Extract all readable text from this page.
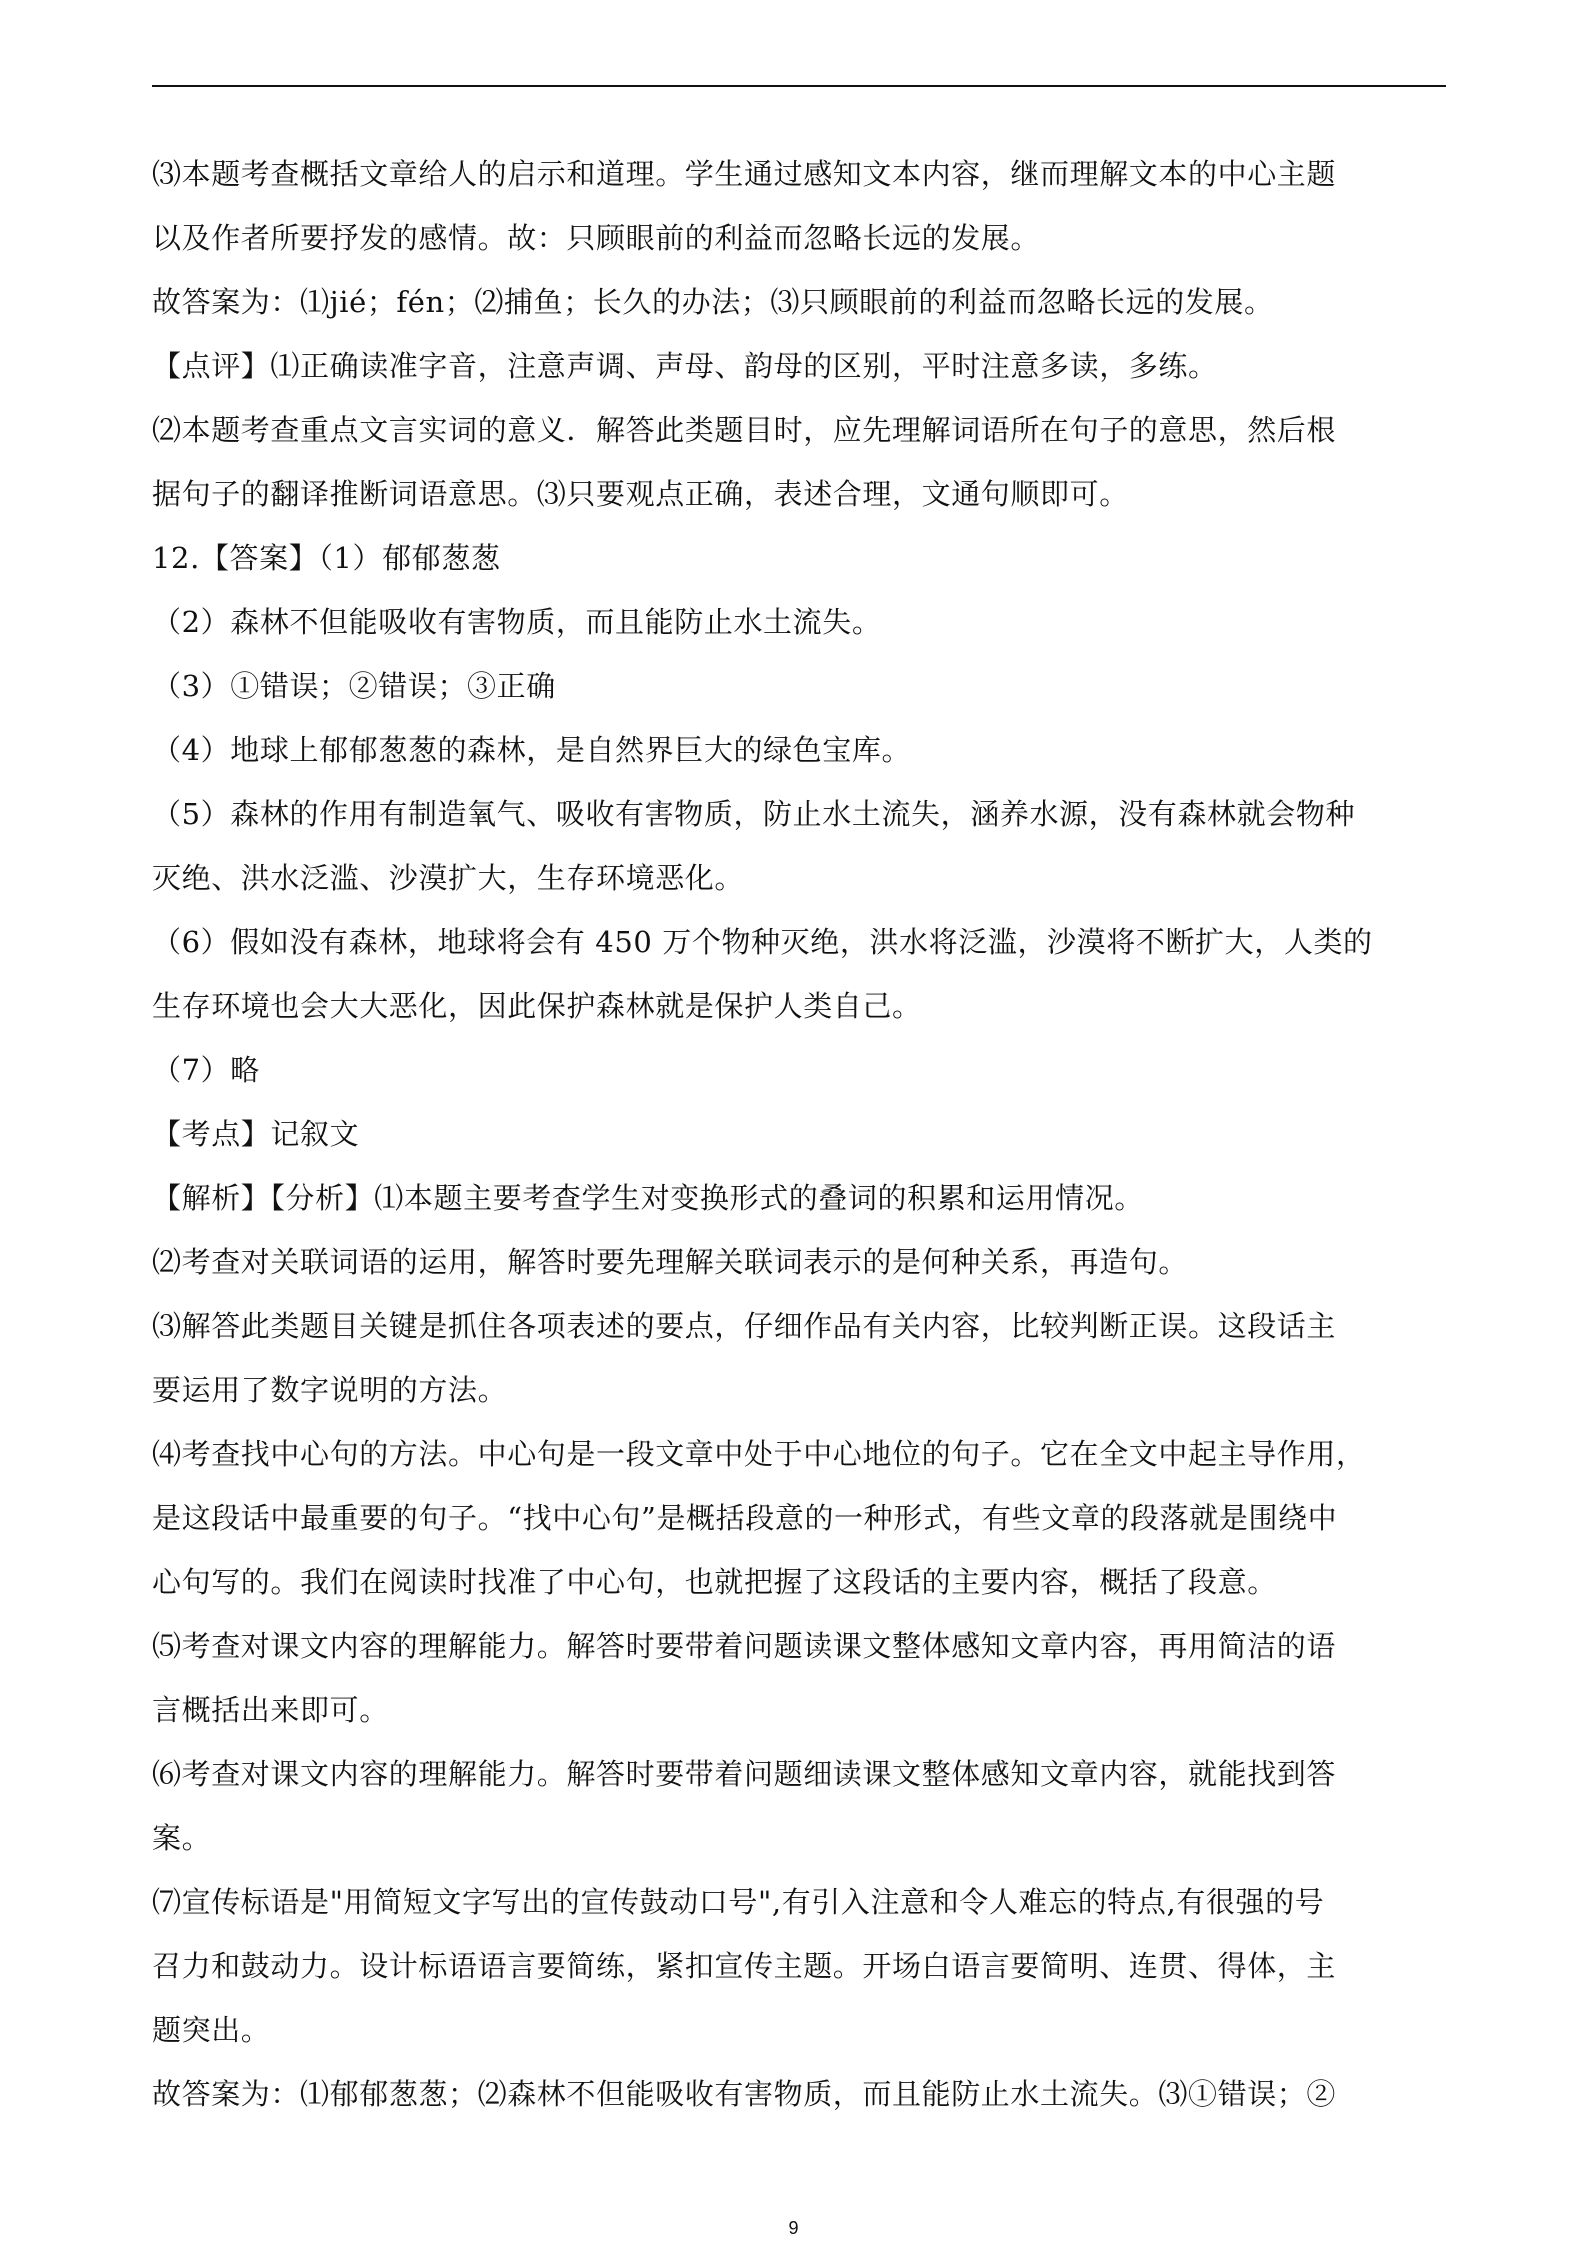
⑶本题考查概括文章给人的启示和道理。学生通过感知文本内容，继而理解文本的中心主题
以及作者所要抒发的感情。故：只顾眼前的利益而忽略长远的发展。
故答案为：⑴jié；fén；⑵捕鱼；长久的办法；⑶只顾眼前的利益而忽略长远的发展。
【点评】⑴正确读准字音，注意声调、声母、韵母的区别，平时注意多读，多练。
⑵本题考查重点文言实词的意义．解答此类题目时，应先理解词语所在句子的意思，然后根
据句子的翻译推断词语意思。⑶只要观点正确，表述合理，文通句顺即可。
12.【答案】（1）郁郁葱葱
（2）森林不但能吸收有害物质，而且能防止水土流失。
（3）①错误；②错误；③正确
（4）地球上郁郁葱葱的森林，是自然界巨大的绿色宝库。
（5）森林的作用有制造氧气、吸收有害物质，防止水土流失，涵养水源，没有森林就会物种
灭绝、洪水泛滥、沙漠扩大，生存环境恶化。
（6）假如没有森林，地球将会有 450 万个物种灭绝，洪水将泛滥，沙漠将不断扩大，人类的
生存环境也会大大恶化，因此保护森林就是保护人类自己。
（7）略
【考点】记叙文
【解析】【分析】⑴本题主要考查学生对变换形式的叠词的积累和运用情况。
⑵考查对关联词语的运用，解答时要先理解关联词表示的是何种关系，再造句。
⑶解答此类题目关键是抓住各项表述的要点，仔细作品有关内容，比较判断正误。这段话主
要运用了数字说明的方法。
⑷考查找中心句的方法。中心句是一段文章中处于中心地位的句子。它在全文中起主导作用，
是这段话中最重要的句子。“找中心句”是概括段意的一种形式，有些文章的段落就是围绕中
心句写的。我们在阅读时找准了中心句，也就把握了这段话的主要内容，概括了段意。
⑸考查对课文内容的理解能力。解答时要带着问题读课文整体感知文章内容，再用简洁的语
言概括出来即可。
⑹考查对课文内容的理解能力。解答时要带着问题细读课文整体感知文章内容，就能找到答
案。
⑺宣传标语是"用简短文字写出的宣传鼓动口号",有引入注意和令人难忘的特点,有很强的号
召力和鼓动力。设计标语语言要简练，紧扣宣传主题。开场白语言要简明、连贯、得体，主
题突出。
故答案为：⑴郁郁葱葱；⑵森林不但能吸收有害物质，而且能防止水土流失。⑶①错误；②
9
